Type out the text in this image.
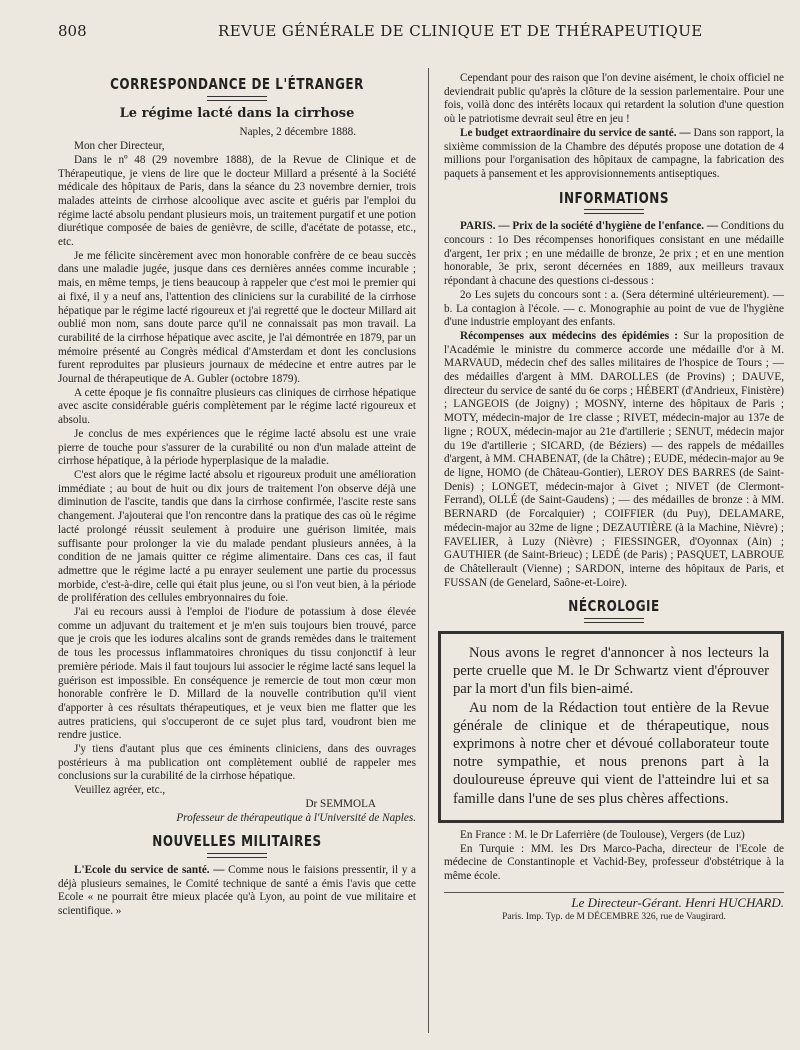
808	REVUE GÉNÉRALE DE CLINIQUE ET DE THÉRAPEUTIQUE
CORRESPONDANCE DE L'ÉTRANGER
Le régime lacté dans la cirrhose

Naples, 2 décembre 1888.

Mon cher Directeur,

Dans le nº 48 (29 novembre 1888), de la Revue de Clinique et de Thérapeutique, je viens de lire que le docteur Millard a présenté à la Société médicale des hôpitaux de Paris, dans la séance du 23 novembre dernier, trois malades atteints de cirrhose alcoolique avec ascite et guéris par l'emploi du régime lacté absolu pendant plusieurs mois, un traitement purgatif et une potion diurétique composée de baies de genièvre, de scille, d'acétate de potasse, etc., etc.

Je me félicite sincèrement avec mon honorable confrère de ce beau succès dans une maladie jugée, jusque dans ces dernières années comme incurable ; mais, en même temps, je tiens beaucoup à rappeler que c'est moi le premier qui ai fixé, il y a neuf ans, l'attention des cliniciens sur la curabilité de la cirrhose hépatique par le régime lacté rigoureux et j'ai regretté que le docteur Millard ait oublié mon nom, sans doute parce qu'il ne connaissait pas mon travail. La curabilité de la cirrhose hépatique avec ascite, je l'ai démontrée en 1879, par un mémoire présenté au Congrès médical d'Amsterdam et dont les conclusions furent reproduites par plusieurs journaux de médecine et entre autres par le Journal de thérapeutique de A. Gubler (octobre 1879).

A cette époque je fis connaître plusieurs cas cliniques de cirrhose hépatique avec ascite considérable guéris complètement par le régime lacté rigoureux et absolu.

Je conclus de mes expériences que le régime lacté absolu est une vraie pierre de touche pour s'assurer de la curabilité ou non d'un malade atteint de cirrhose hépatique, à la période hyperplasique de la maladie.

C'est alors que le régime lacté absolu et rigoureux produit une amélioration immédiate ; au bout de huit ou dix jours de traitement l'on observe déjà une diminution de l'ascite, tandis que dans la cirrhose confirmée, l'ascite reste sans changement. J'ajouterai que l'on rencontre dans la pratique des cas où le régime lacté prolongé réussit seulement à produire une guérison limitée, mais suffisante pour prolonger la vie du malade pendant plusieurs années, à la condition de ne jamais quitter ce régime alimentaire. Dans ces cas, il faut admettre que le régime lacté a pu enrayer seulement une partie du processus morbide, c'est-à-dire, celle qui était plus jeune, ou si l'on veut bien, à la période de prolifération des cellules embryonnaires du foie.

J'ai eu recours aussi à l'emploi de l'iodure de potassium à dose élevée comme un adjuvant du traitement et je m'en suis toujours bien trouvé, parce que je crois que les iodures alcalins sont de grands remèdes dans le traitement de tous les processus inflammatoires chroniques du tissu conjonctif à leur première période. Mais il faut toujours lui associer le régime lacté sans lequel la guérison est impossible. En conséquence je remercie de tout mon cœur mon honorable confrère le D. Millard de la nouvelle contribution qu'il vient d'apporter à ces résultats thérapeutiques, et je veux bien me flatter que les autres praticiens, qui s'occuperont de ce sujet plus tard, voudront bien me rendre justice.

J'y tiens d'autant plus que ces éminents cliniciens, dans des ouvrages postérieurs à ma publication ont complètement oublié de rappeler mes conclusions sur la curabilité de la cirrhose hépatique.

Veuillez agréer, etc.,

Dr SEMMOLA

Professeur de thérapeutique à l'Université de Naples.

NOUVELLES MILITAIRES

L'Ecole du service de santé. — Comme nous le faisions pressentir, il y a déjà plusieurs semaines, le Comité technique de santé a émis l'avis que cette Ecole « ne pourrait être mieux placée qu'à Lyon, au point de vue militaire et scientifique. »

Cependant pour des raison que l'on devine aisément, le choix officiel ne deviendrait public qu'après la clôture de la session parlementaire. Pour une fois, voilà donc des intérêts locaux qui retardent la solution d'une question où le patriotisme devrait seul être en jeu !

Le budget extraordinaire du service de santé. — Dans son rapport, la sixième commission de la Chambre des députés propose une dotation de 4 millions pour l'organisation des hôpitaux de campagne, la fabrication des paquets à pansement et les approvisionnements antiseptiques.

INFORMATIONS

PARIS. — Prix de la société d'hygiène de l'enfance. — Conditions du concours : 1o Des récompenses honorifiques consistant en une médaille d'argent, 1er prix ; en une médaille de bronze, 2e prix ; et en une mention honorable, 3e prix, seront décernées en 1889, aux meilleurs travaux répondant à chacune des questions ci-dessous :

2o Les sujets du concours sont : a. (Sera déterminé ultérieurement). — b. La contagion à l'école. — c. Monographie au point de vue de l'hygiène d'une industrie employant des enfants.

Récompenses aux médecins des épidémies : Sur la proposition de l'Académie le ministre du commerce accorde une médaille d'or à M. MARVAUD, médecin chef des salles militaires de l'hospice de Tours ; — des médailles d'argent à MM. DAROLLES (de Provins) ; DAUVE, directeur du service de santé du 6e corps ; HÉBERT (d'Andrieux, Finistère) ; LANGEOIS (de Joigny) ; MOSNY, interne des hôpitaux de Paris ; MOTY, médecin-major de 1re classe ; RIVET, médecin-major au 137e de ligne ; ROUX, médecin-major au 21e d'artillerie ; SENUT, médecin major du 19e d'artillerie ; SICARD, (de Béziers) — des rappels de médailles d'argent, à MM. CHABENAT, (de la Châtre) ; EUDE, médecin-major au 9e de ligne, HOMO (de Château-Gontier), LEROY DES BARRES (de Saint-Denis) ; LONGET, médecin-major à Givet ; NIVET (de Clermont-Ferrand), OLLÉ (de Saint-Gaudens) ; — des médailles de bronze : à MM. BERNARD (de Forcalquier) ; COIFFIER (du Puy), DELAMARE, médecin-major au 32me de ligne ; DEZAUTIÈRE (à la Machine, Nièvre) ; FAVELIER, à Luzy (Nièvre) ; FIESSINGER, d'Oyonnax (Ain) ; GAUTHIER (de Saint-Brieuc) ; LEDÉ (de Paris) ; PASQUET, LABROUE de Châtellerault (Vienne) ; SARDON, interne des hôpitaux de Paris, et FUSSAN (de Genelard, Saône-et-Loire).

NÉCROLOGIE

Nous avons le regret d'annoncer à nos lecteurs la perte cruelle que M. le Dr Schwartz vient d'éprouver par la mort d'un fils bien-aimé.

Au nom de la Rédaction tout entière de la Revue générale de clinique et de thérapeutique, nous exprimons à notre cher et dévoué collaborateur toute notre sympathie, et nous prenons part à la douloureuse épreuve qui vient de l'atteindre lui et sa famille dans l'une de ses plus chères affections.

En France : M. le Dr Laferrière (de Toulouse), Vergers (de Luz)

En Turquie : MM. les Drs Marco-Pacha, directeur de l'Ecole de médecine de Constantinople et Vachid-Bey, professeur d'obstétrique à la même école.

Le Directeur-Gérant. Henri HUCHARD.
Paris. Imp. Typ. de M DÉCEMBRE 326, rue de Vaugirard.
